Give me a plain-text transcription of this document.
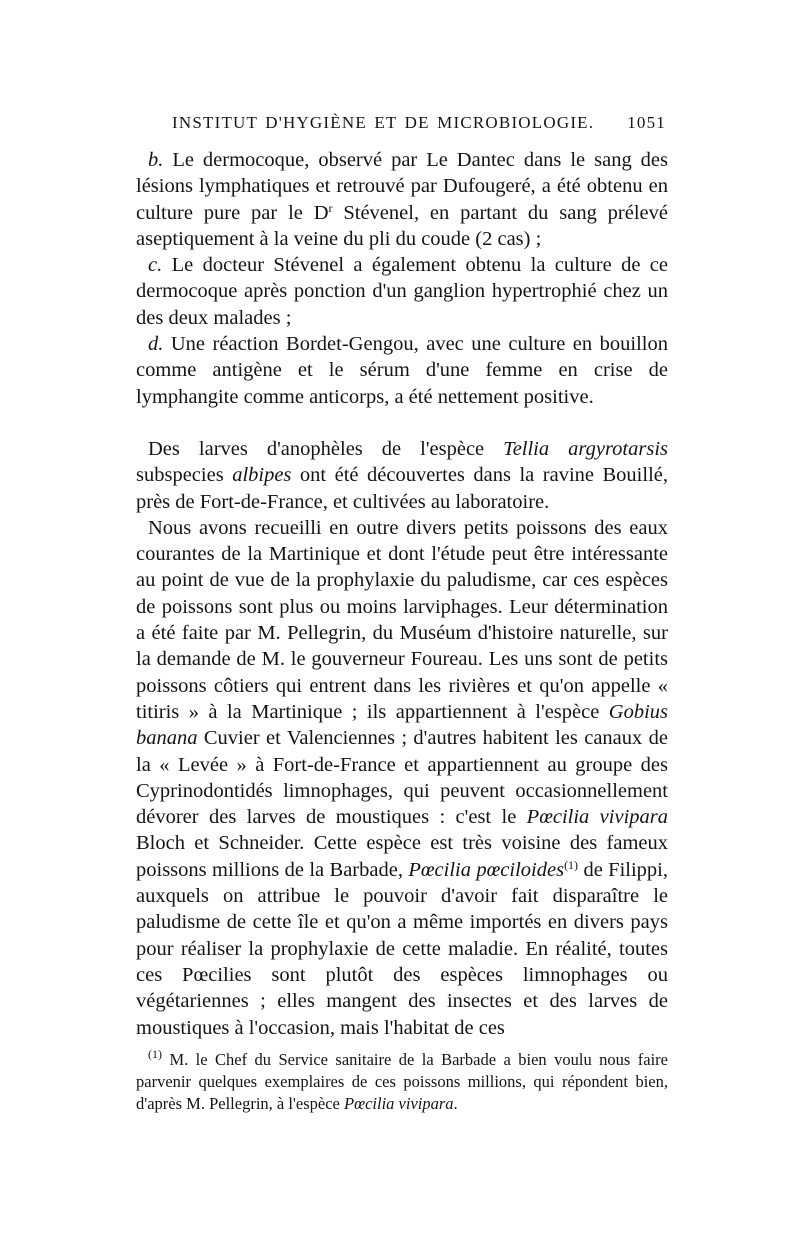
INSTITUT D'HYGIÈNE ET DE MICROBIOLOGIE. 1051

b. Le dermocoque, observé par Le Dantec dans le sang des lésions lymphatiques et retrouvé par Dufougeré, a été obtenu en culture pure par le $D^r$ Stévenel, en partant du sang prélevé aseptiquement à la veine du pli du coude (2 cas) ;

c. Le docteur Stévenel a également obtenu la culture de ce dermocoque après ponction d'un ganglion hypertrophié chez un des deux malades ;

d. Une réaction Bordet-Gengou, avec une culture en bouillon comme antigène et le sérum d'une femme en crise de lymphangite comme anticorps, a été nettement positive.

Des larves d'anophèles de l'espèce Tellia argyrotarsis subspecies albipes ont été découvertes dans la ravine Bouillé, près de Fort-de-France, et cultivées au laboratoire.

Nous avons recueilli en outre divers petits poissons des eaux courantes de la Martinique et dont l'étude peut être intéressante au point de vue de la prophylaxie du paludisme, car ces espèces de poissons sont plus ou moins larviphages. Leur détermination a été faite par M. Pellegrin, du Muséum d'histoire naturelle, sur la demande de M. le gouverneur Foureau. Les uns sont de petits poissons côtiers qui entrent dans les rivières et qu'on appelle « titiris » à la Martinique ; ils appartiennent à l'espèce Gobius banana Cuvier et Valenciennes ; d'autres habitent les canaux de la « Levée » à Fort-de-France et appartiennent au groupe des Cyprinodontidés limnophages, qui peuvent occasionnellement dévorer des larves de moustiques : c'est le Pœcilia vivipara Bloch et Schneider. Cette espèce est très voisine des fameux poissons millions de la Barbade, Pœcilia pœciloides$^{(1)}$ de Filippi, auxquels on attribue le pouvoir d'avoir fait disparaître le paludisme de cette île et qu'on a même importés en divers pays pour réaliser la prophylaxie de cette maladie. En réalité, toutes ces Pœcilies sont plutôt des espèces limnophages ou végétariennes ; elles mangent des insectes et des larves de moustiques à l'occasion, mais l'habitat de ces

$^{(1)}$ M. le Chef du Service sanitaire de la Barbade a bien voulu nous faire parvenir quelques exemplaires de ces poissons millions, qui répondent bien, d'après M. Pellegrin, à l'espèce Pœcilia vivipara.
